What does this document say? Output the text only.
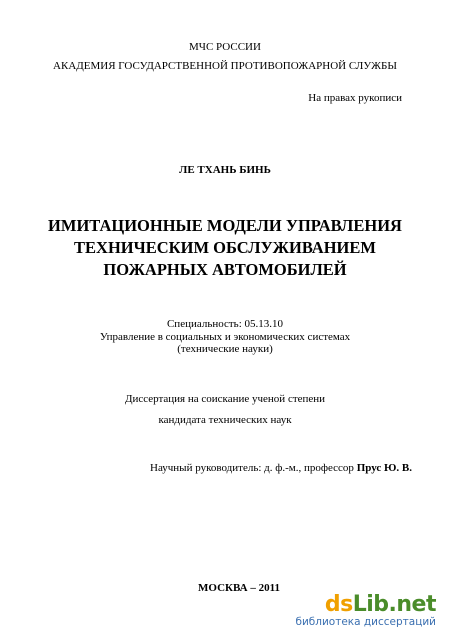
МЧС РОССИИ

АКАДЕМИЯ ГОСУДАРСТВЕННОЙ ПРОТИВОПОЖАРНОЙ СЛУЖБЫ

На правах рукописи

ЛЕ ТХАНЬ БИНЬ

ИМИТАЦИОННЫЕ МОДЕЛИ УПРАВЛЕНИЯ

ТЕХНИЧЕСКИМ ОБСЛУЖИВАНИЕМ

ПОЖАРНЫХ АВТОМОБИЛЕЙ

Специальность: 05.13.10

Управление в социальных и экономических системах

(технические науки)

Диссертация на соискание ученой степени

кандидата технических наук

Научный руководитель: д. ф.-м., профессор Прус Ю. В.
МОСКВА – 2011
dsLib.net
библиотека диссертаций
